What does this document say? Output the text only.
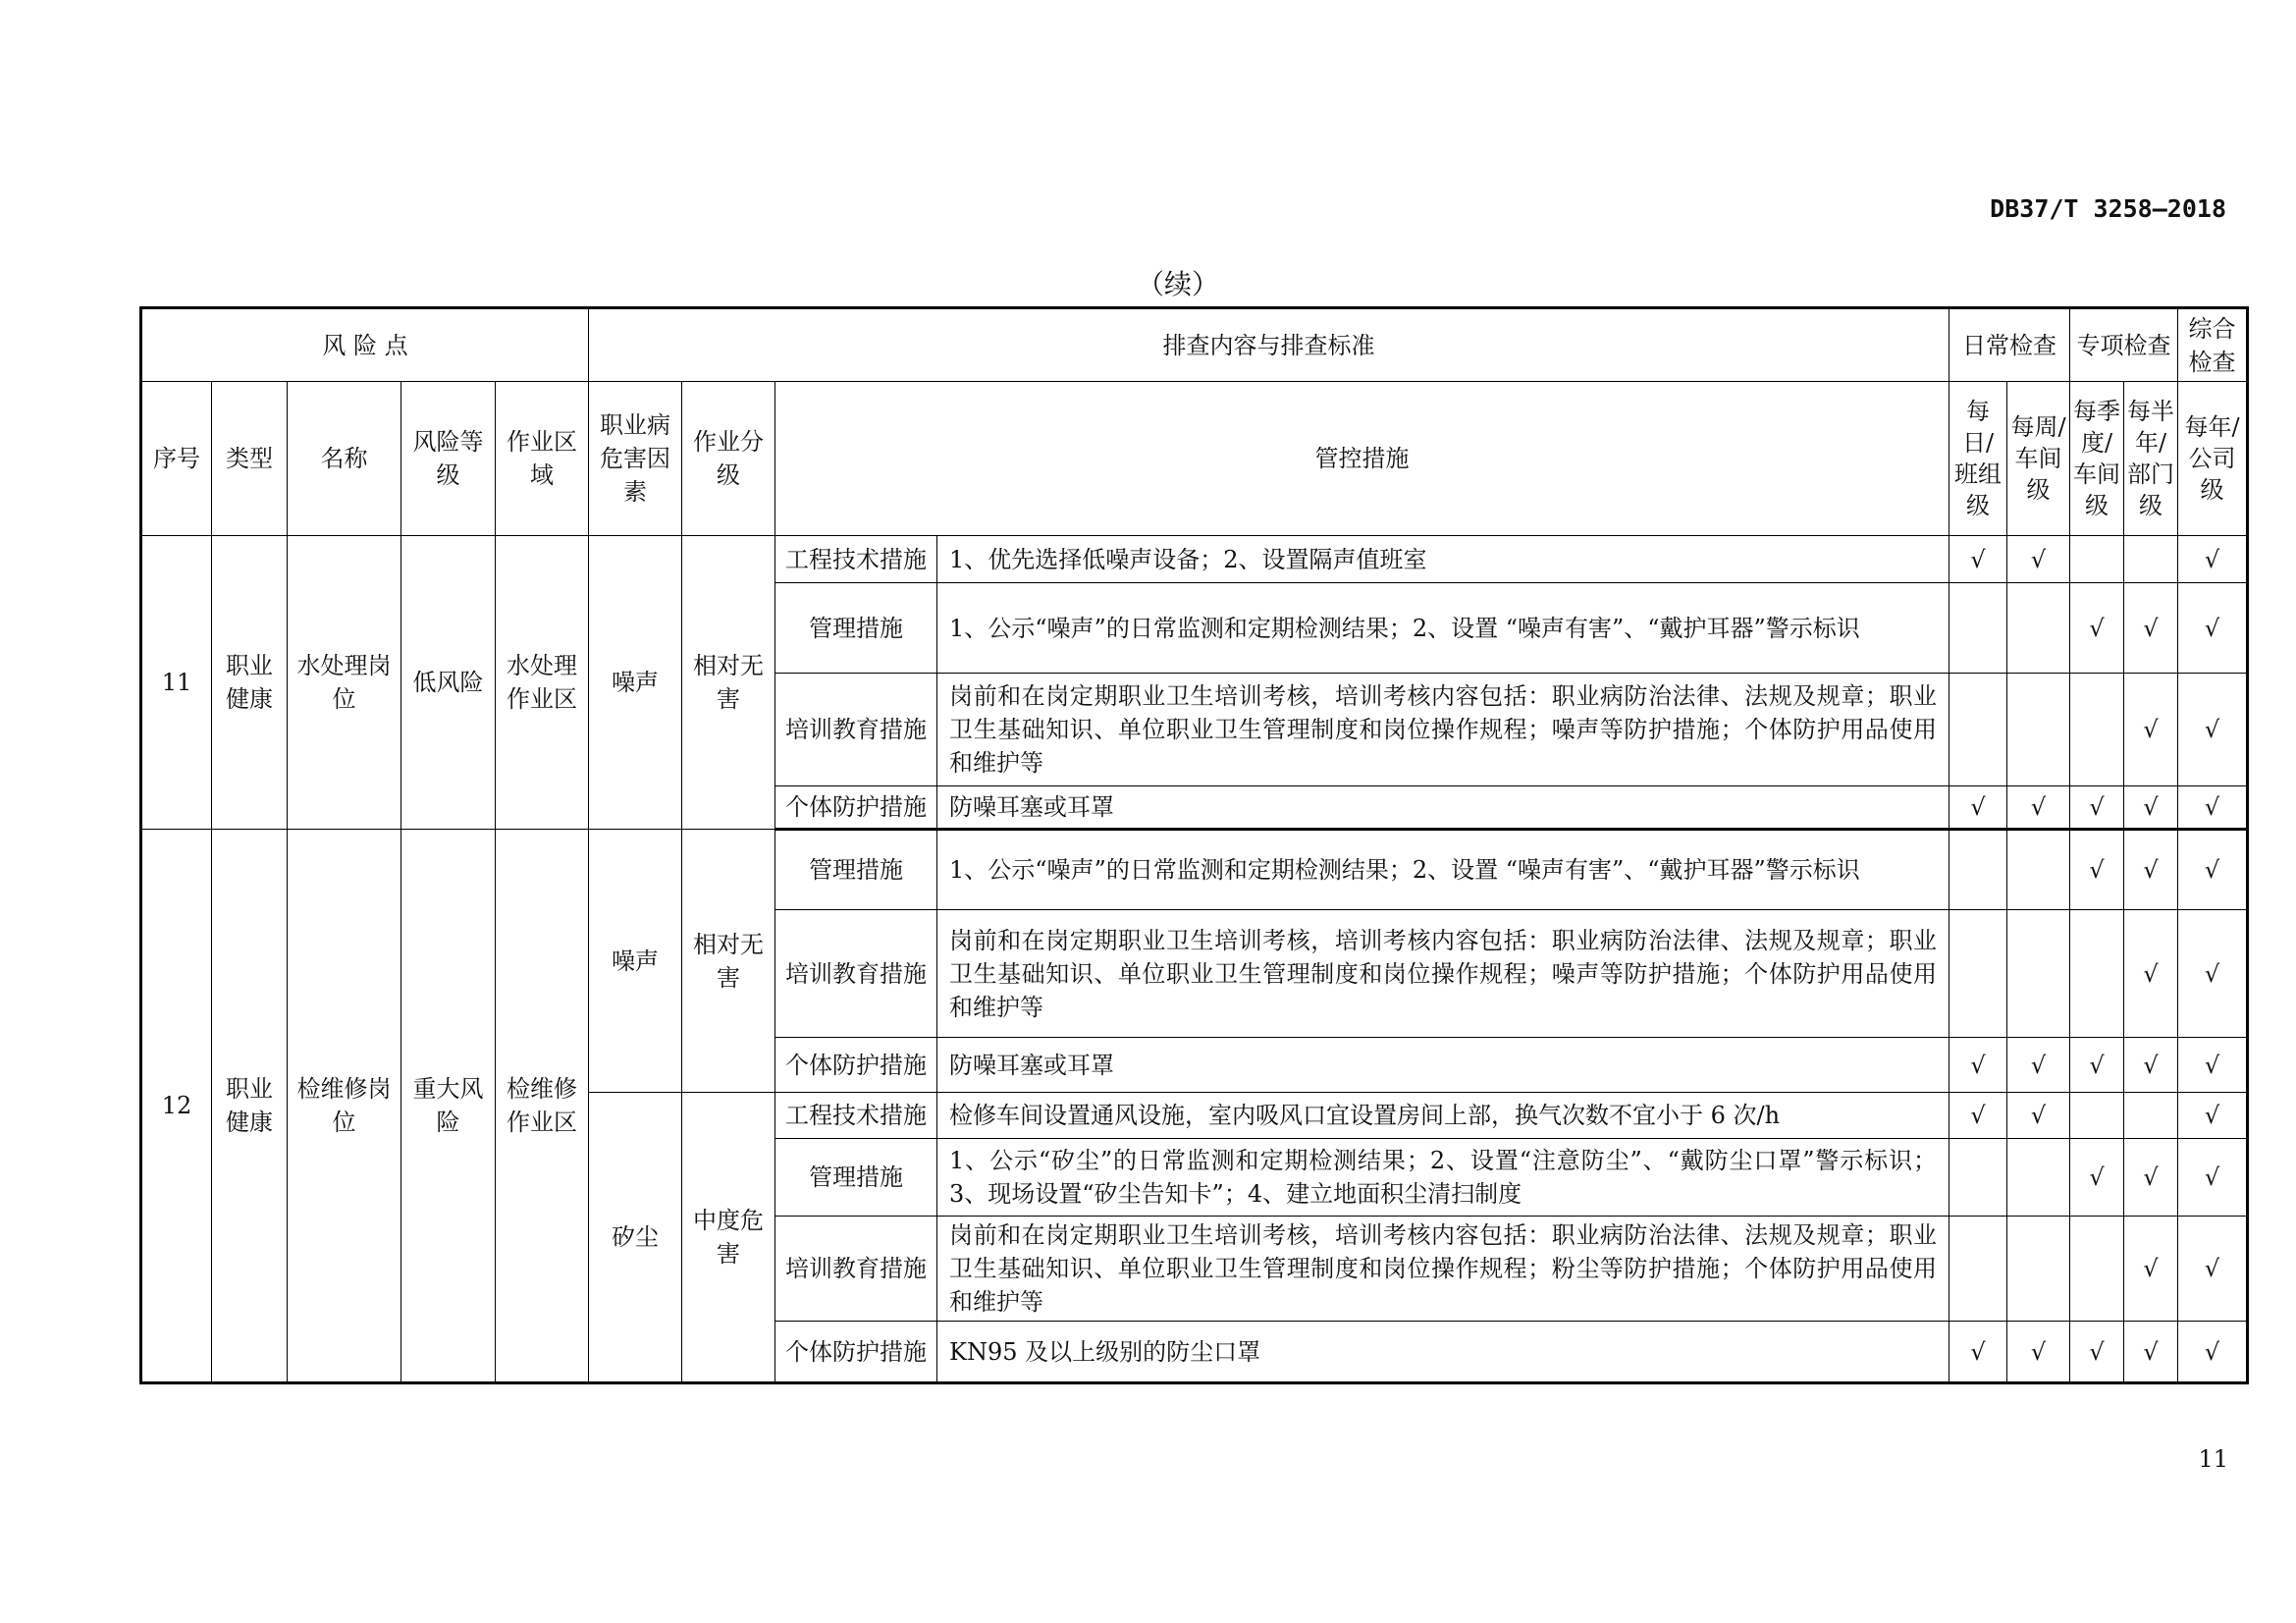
DB37/T 3258—2018
（续）
风 险 点					排查内容与排查标准				日常检查		专项检查		综合检查
序号	类型	名称	风险等级	作业区域	职业病危害因素	作业分级	管控措施		每日/班组级	每周/车间级	每季度/车间级	每半年/部门级	每年/公司级
11	职业健康	水处理岗位	低风险	水处理作业区	噪声	相对无害	工程技术措施	1、优先选择低噪声设备；2、设置隔声值班室	√	√			√
							管理措施	1、公示“噪声”的日常监测和定期检测结果；2、设置 “噪声有害”、“戴护耳器”警示标识			√	√	√
							培训教育措施	岗前和在岗定期职业卫生培训考核，培训考核内容包括：职业病防治法律、法规及规章；职业卫生基础知识、单位职业卫生管理制度和岗位操作规程；噪声等防护措施；个体防护用品使用和维护等				√	√
							个体防护措施	防噪耳塞或耳罩	√	√	√	√	√
12	职业健康	检维修岗位	重大风险	检维修作业区	噪声	相对无害	管理措施	1、公示“噪声”的日常监测和定期检测结果；2、设置 “噪声有害”、“戴护耳器”警示标识			√	√	√
							培训教育措施	岗前和在岗定期职业卫生培训考核，培训考核内容包括：职业病防治法律、法规及规章；职业卫生基础知识、单位职业卫生管理制度和岗位操作规程；噪声等防护措施；个体防护用品使用和维护等				√	√
							个体防护措施	防噪耳塞或耳罩	√	√	√	√	√
					矽尘	中度危害	工程技术措施	检修车间设置通风设施，室内吸风口宜设置房间上部，换气次数不宜小于 6 次/h	√	√			√
							管理措施	1、公示“矽尘”的日常监测和定期检测结果；2、设置“注意防尘”、“戴防尘口罩”警示标识；3、现场设置“矽尘告知卡”；4、建立地面积尘清扫制度			√	√	√
							培训教育措施	岗前和在岗定期职业卫生培训考核，培训考核内容包括：职业病防治法律、法规及规章；职业卫生基础知识、单位职业卫生管理制度和岗位操作规程；粉尘等防护措施；个体防护用品使用和维护等				√	√
							个体防护措施	KN95 及以上级别的防尘口罩	√	√	√	√	√
11
